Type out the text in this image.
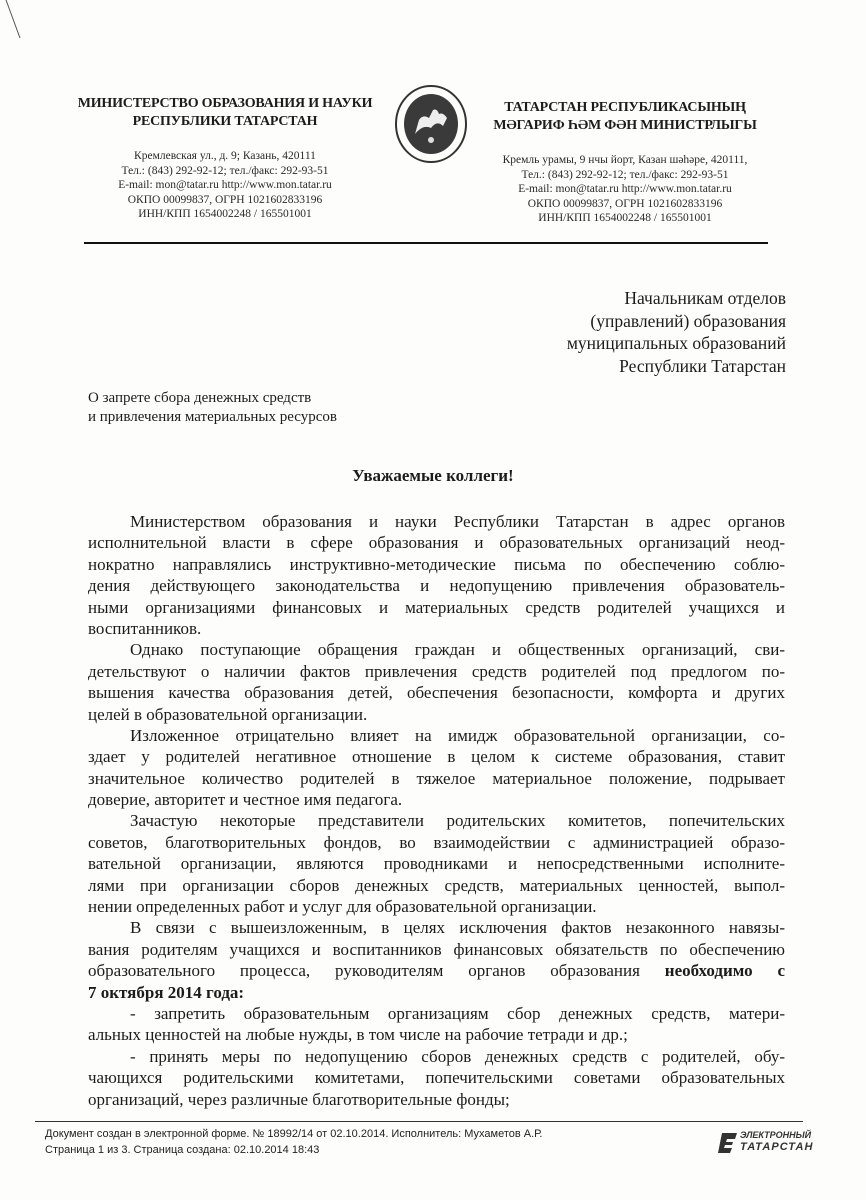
МИНИСТЕРСТВО ОБРАЗОВАНИЯ И НАУКИ
РЕСПУБЛИКИ ТАТАРСТАН
Кремлевская ул., д. 9; Казань, 420111
Тел.: (843) 292-92-12; тел./факс: 292-93-51
E-mail: mon@tatar.ru http://www.mon.tatar.ru
ОКПО 00099837, ОГРН 1021602833196
ИНН/КПП 1654002248 / 165501001
ТАТАРСТАН РЕСПУБЛИКАСЫНЫҢ
МӘГАРИФ ҺӘМ ФӘН МИНИСТРЛЫГЫ
Кремль урамы, 9 нчы йорт, Казан шәһәре, 420111,
Тел.: (843) 292-92-12; тел./факс: 292-93-51
E-mail: mon@tatar.ru http://www.mon.tatar.ru
ОКПО 00099837, ОГРН 1021602833196
ИНН/КПП 1654002248 / 165501001
Начальникам отделов
(управлений) образования
муниципальных образований
Республики Татарстан
О запрете сбора денежных средств
и привлечения материальных ресурсов
Уважаемые коллеги!
Министерством образования и науки Республики Татарстан в адрес органов
исполнительной власти в сфере образования и образовательных организаций неод-
нократно направлялись инструктивно-методические письма по обеспечению соблю-
дения действующего законодательства и недопущению привлечения образователь-
ными организациями финансовых и материальных средств родителей учащихся и
воспитанников.
Однако поступающие обращения граждан и общественных организаций, сви-
детельствуют о наличии фактов привлечения средств родителей под предлогом по-
вышения качества образования детей, обеспечения безопасности, комфорта и других
целей в образовательной организации.
Изложенное отрицательно влияет на имидж образовательной организации, со-
здает у родителей негативное отношение в целом к системе образования, ставит
значительное количество родителей в тяжелое материальное положение, подрывает
доверие, авторитет и честное имя педагога.
Зачастую некоторые представители родительских комитетов, попечительских
советов, благотворительных фондов, во взаимодействии с администрацией образо-
вательной организации, являются проводниками и непосредственными исполните-
лями при организации сборов денежных средств, материальных ценностей, выпол-
нении определенных работ и услуг для образовательной организации.
В связи с вышеизложенным, в целях исключения фактов незаконного навязы-
вания родителям учащихся и воспитанников финансовых обязательств по обеспечению
образовательного процесса, руководителям органов образования необходимо с
7 октября 2014 года:
- запретить образовательным организациям сбор денежных средств, матери-
альных ценностей на любые нужды, в том числе на рабочие тетради и др.;
- принять меры по недопущению сборов денежных средств с родителей, обу-
чающихся родительскими комитетами, попечительскими советами образовательных
организаций, через различные благотворительные фонды;
Документ создан в электронной форме. № 18992/14 от 02.10.2014. Исполнитель: Мухаметов А.Р.
Страница 1 из 3. Страница создана: 02.10.2014 18:43
ЭЛЕКТРОННЫЙ
ТАТАРСТАН
